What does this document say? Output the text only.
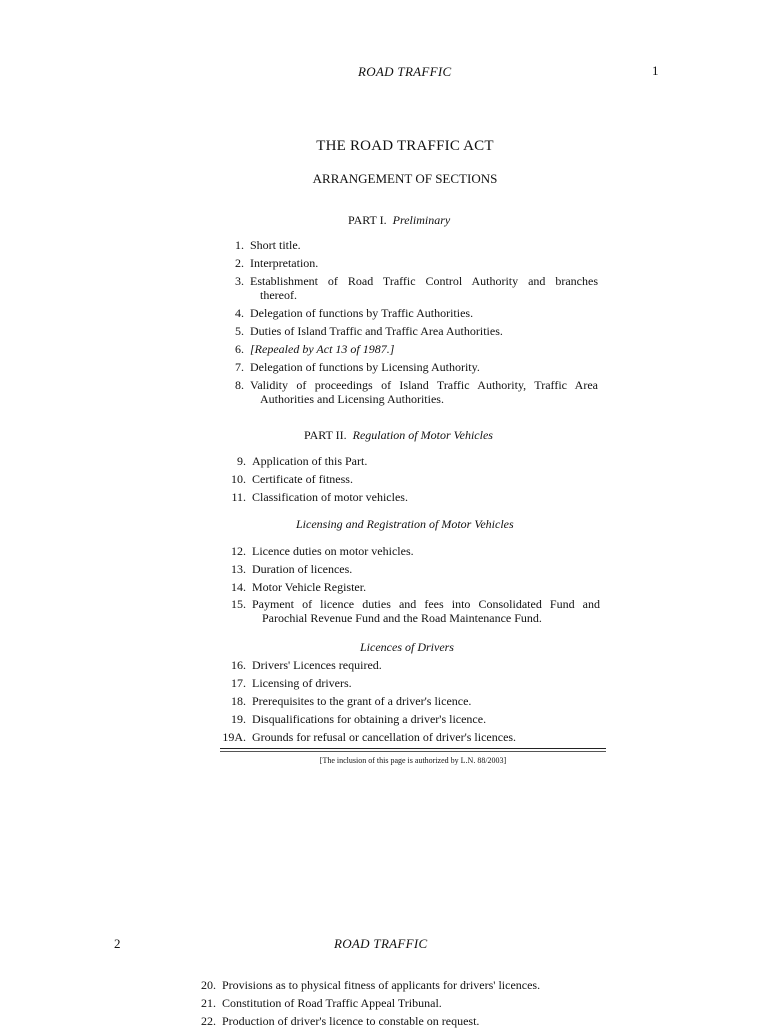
ROAD TRAFFIC	1
THE ROAD TRAFFIC ACT
ARRANGEMENT OF SECTIONS
PART I. Preliminary
1. Short title.
2. Interpretation.
3. Establishment of Road Traffic Control Authority and branches
thereof.
4. Delegation of functions by Traffic Authorities.
5. Duties of Island Traffic and Traffic Area Authorities.
6. [Repealed by Act 13 of 1987.]
7. Delegation of functions by Licensing Authority.
8. Validity of proceedings of Island Traffic Authority, Traffic Area
Authorities and Licensing Authorities.
PART II. Regulation of Motor Vehicles
9. Application of this Part.
10. Certificate of fitness.
11. Classification of motor vehicles.
Licensing and Registration of Motor Vehicles
12. Licence duties on motor vehicles.
13. Duration of licences.
14. Motor Vehicle Register.
15. Payment of licence duties and fees into Consolidated Fund and
Parochial Revenue Fund and the Road Maintenance Fund.
Licences of Drivers
16. Drivers' Licences required.
17. Licensing of drivers.
18. Prerequisites to the grant of a driver's licence.
19. Disqualifications for obtaining a driver's licence.
19A. Grounds for refusal or cancellation of driver's licences.
[The inclusion of this page is authorized by L.N. 88/2003]
2	ROAD TRAFFIC
20. Provisions as to physical fitness of applicants for drivers' licences.
21. Constitution of Road Traffic Appeal Tribunal.
22. Production of driver's licence to constable on request.
